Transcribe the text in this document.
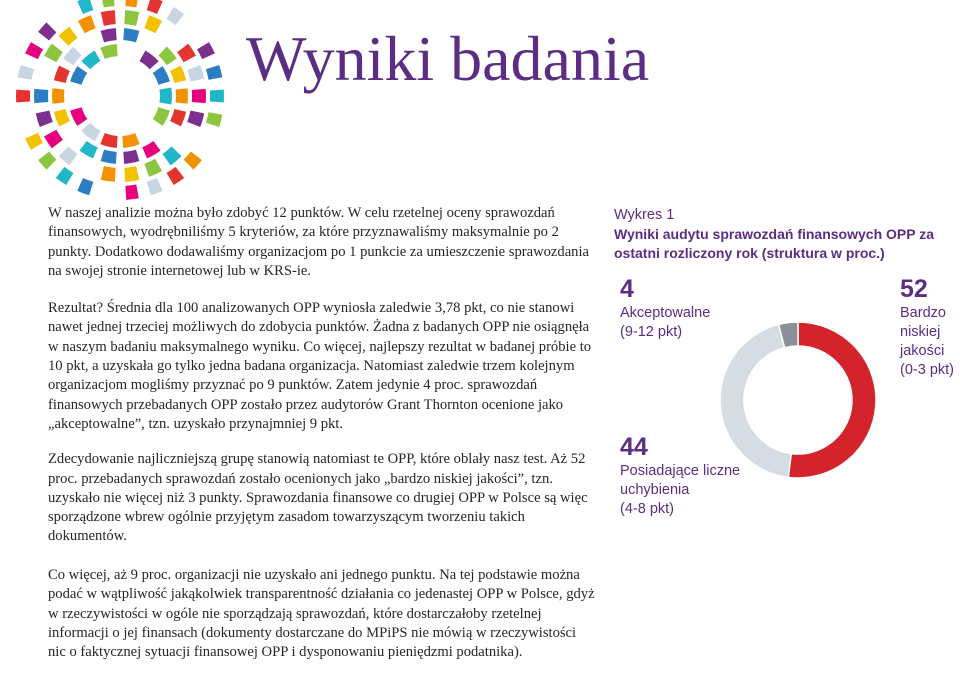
Wyniki badania

W naszej analizie można było zdobyć 12 punktów. W celu rzetelnej oceny sprawozdań finansowych, wyodrębniliśmy 5 kryteriów, za które przyznawaliśmy maksymalnie po 2 punkty. Dodatkowo dodawaliśmy organizacjom po 1 punkcie za umieszczenie sprawozdania na swojej stronie internetowej lub w KRS-ie.

Rezultat? Średnia dla 100 analizowanych OPP wyniosła zaledwie 3,78 pkt, co nie stanowi nawet jednej trzeciej możliwych do zdobycia punktów. Żadna z badanych OPP nie osiągnęła w naszym badaniu maksymalnego wyniku. Co więcej, najlepszy rezultat w badanej próbie to 10 pkt, a uzyskała go tylko jedna badana organizacja. Natomiast zaledwie trzem kolejnym organizacjom mogliśmy przyznać po 9 punktów. Zatem jedynie 4 proc. sprawozdań finansowych przebadanych OPP zostało przez audytorów Grant Thornton ocenione jako „akceptowalne”, tzn. uzyskało przynajmniej 9 pkt.

Zdecydowanie najliczniejszą grupę stanowią natomiast te OPP, które oblały nasz test. Aż 52 proc. przebadanych sprawozdań zostało ocenionych jako „bardzo niskiej jakości”, tzn. uzyskało nie więcej niż 3 punkty. Sprawozdania finansowe co drugiej OPP w Polsce są więc sporządzone wbrew ogólnie przyjętym zasadom towarzyszącym tworzeniu takich dokumentów.

Co więcej, aż 9 proc. organizacji nie uzyskało ani jednego punktu. Na tej podstawie można podać w wątpliwość jakąkolwiek transparentność działania co jedenastej OPP w Polsce, gdyż w rzeczywistości w ogóle nie sporządzają sprawozdań, które dostarczałoby rzetelnej informacji o jej finansach (dokumenty dostarczane do MPiPS nie mówią w rzeczywistości nic o faktycznej sytuacji finansowej OPP i dysponowaniu pieniędzmi podatnika).

Wykres 1
Wyniki audytu sprawozdań finansowych OPP za ostatni rozliczony rok (struktura w proc.)
4
Akceptowalne
(9-12 pkt)
52
Bardzo niskiej jakości
(0-3 pkt)
44
Posiadające liczne uchybienia
(4-8 pkt)
